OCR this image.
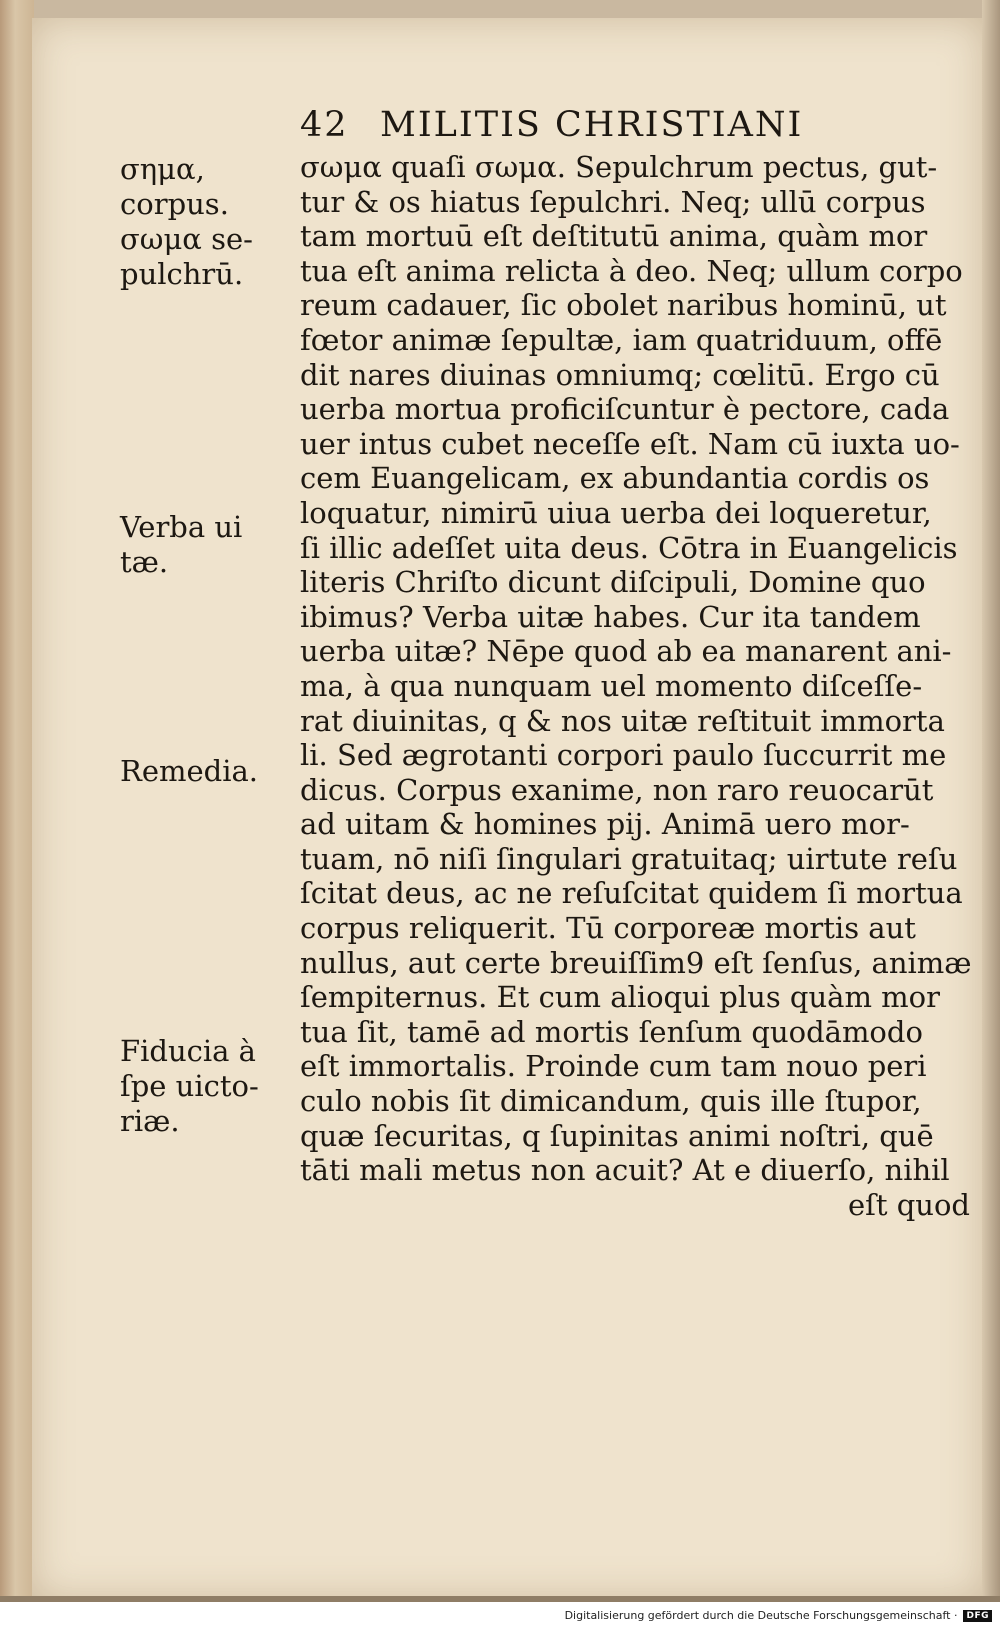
42 MILITIS CHRISTIANI
σημα,
corpus.
σωμα se-
pulchrū.
Verba ui
tæ.
Remedia.
Fiducia à
ſpe uicto-
riæ.
σωμα quaſi σωμα. Sepulchrum pectus, gut-
tur & os hiatus ſepulchri. Neq; ullū corpus
tam mortuū eſt deſtitutū anima, quàm mor
tua eſt anima relicta à deo. Neq; ullum corpo
reum cadauer, ſic obolet naribus hominū, ut
fœtor animæ ſepultæ, iam quatriduum, offē
dit nares diuinas omniumq; cœlitū. Ergo cū
uerba mortua proficiſcuntur è pectore, cada
uer intus cubet neceſſe eſt. Nam cū iuxta uo-
cem Euangelicam, ex abundantia cordis os
loquatur, nimirū uiua uerba dei loqueretur,
ſi illic adeſſet uita deus. Cōtra in Euangelicis
literis Chriſto dicunt diſcipuli, Domine quo
ibimus? Verba uitæ habes. Cur ita tandem
uerba uitæ? Nēpe quod ab ea manarent ani-
ma, à qua nunquam uel momento diſceſſe-
rat diuinitas, q & nos uitæ reſtituit immorta
li. Sed ægrotanti corpori paulo ſuccurrit me
dicus. Corpus exanime, non raro reuocarūt
ad uitam & homines pij. Animā uero mor-
tuam, nō niſi ſingulari gratuitaq; uirtute reſu
ſcitat deus, ac ne reſuſcitat quidem ſi mortua
corpus reliquerit. Tū corporeæ mortis aut
nullus, aut certe breuiſſim9 eſt ſenſus, animæ
ſempiternus. Et cum alioqui plus quàm mor
tua ſit, tamē ad mortis ſenſum quodāmodo
eſt immortalis. Proinde cum tam nouo peri
culo nobis ſit dimicandum, quis ille ſtupor,
quæ ſecuritas, q ſupinitas animi noſtri, quē
tāti mali metus non acuit? At e diuerſo, nihil
eſt quod
Digitalisierung gefördert durch die Deutsche Forschungsgemeinschaft ·	DFG
